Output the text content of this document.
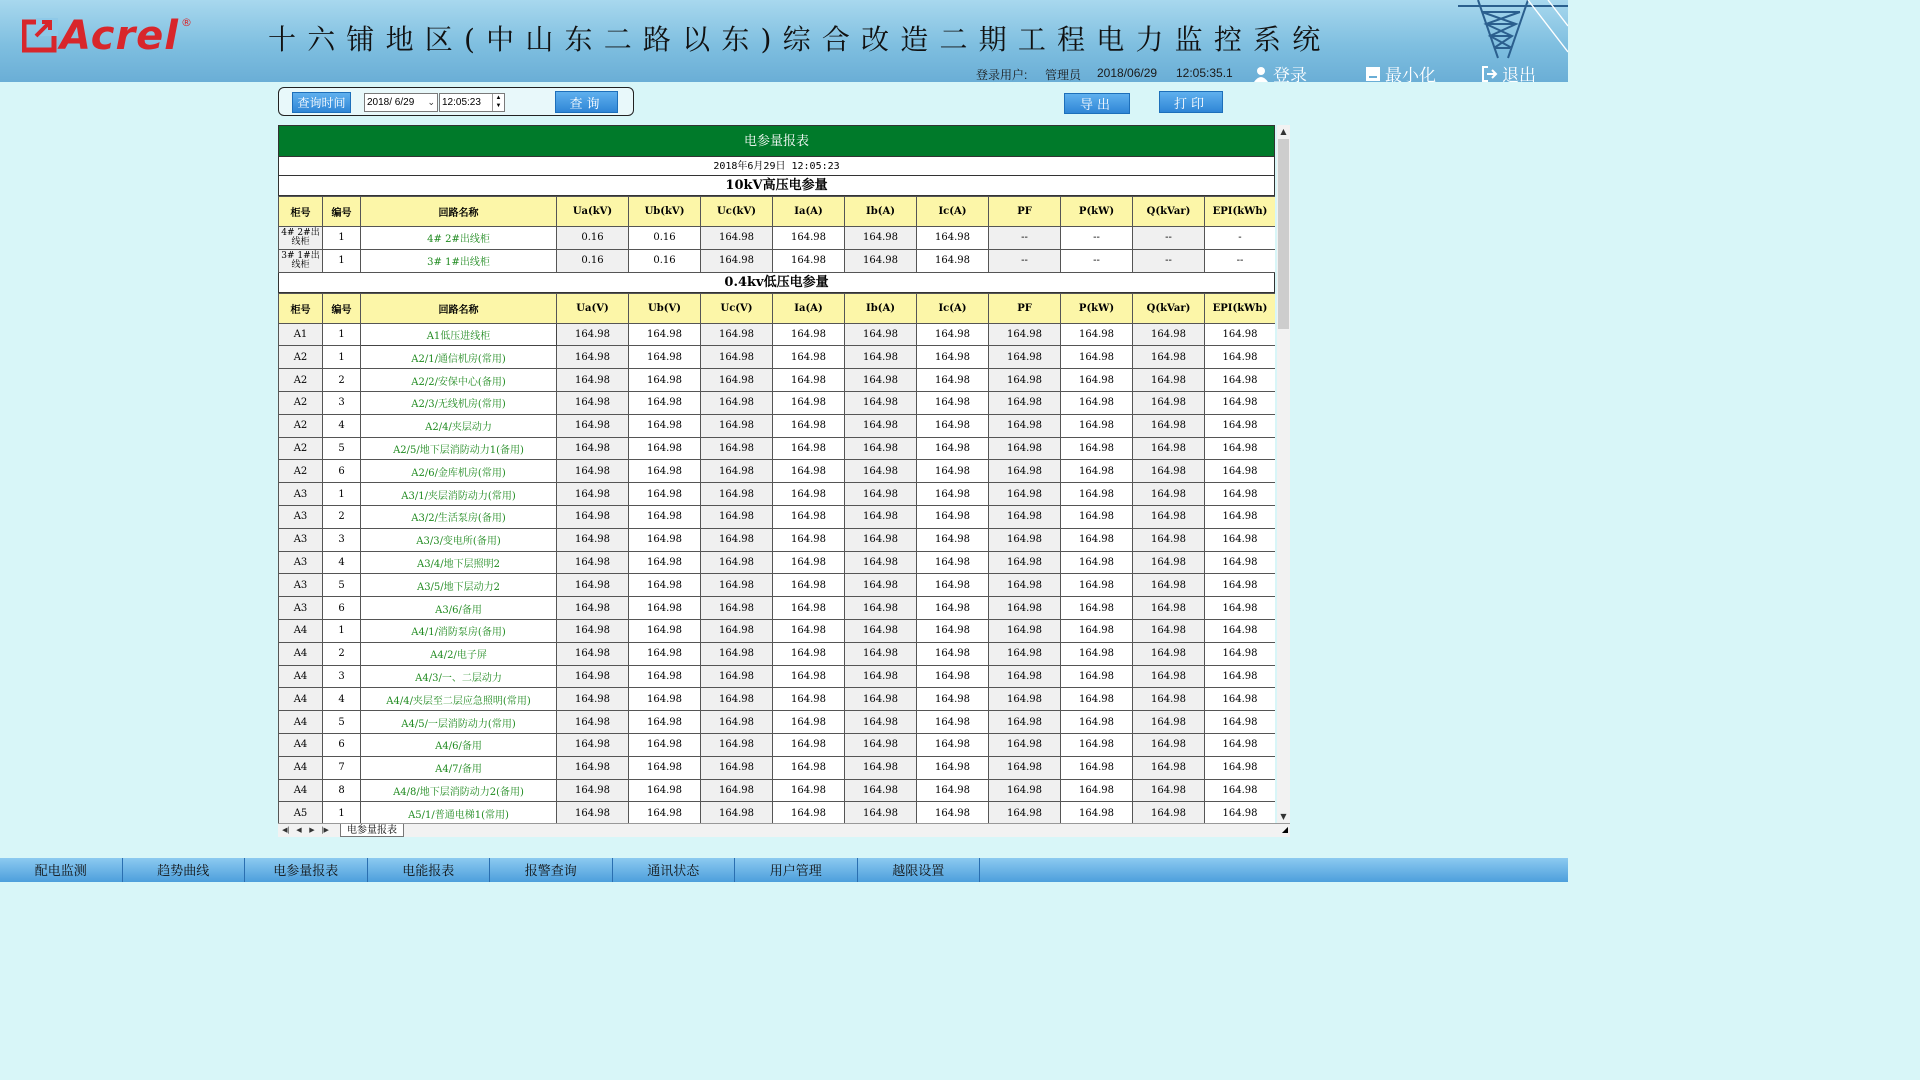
Acrel ®
十六铺地区(中山东二路以东)综合改造二期工程电力监控系统
登录用户: 管理员 2018/06/29 12:05:35.1 登录	最小化	退出
查询时间	2018/ 6/29 ⌄ 12:05:23	▲
▼	查询	导出	打印
电参量报表
2018年6月29日 12:05:23
10kV高压电参量
柜号	编号	回路名称	Ua(kV)	Ub(kV)	Uc(kV)	Ia(A)	Ib(A)	Ic(A)	PF	P(kW)	Q(kVar)	EPI(kWh)
4# 2#出线柜	1	4# 2#出线柜	0.16	0.16	164.98	164.98	164.98	164.98	--	--	--	-
3# 1#出线柜	1	3# 1#出线柜	0.16	0.16	164.98	164.98	164.98	164.98	--	--	--	--
0.4kv低压电参量
柜号	编号	回路名称	Ua(V)	Ub(V)	Uc(V)	Ia(A)	Ib(A)	Ic(A)	PF	P(kW)	Q(kVar)	EPI(kWh)
A1	1	A1低压进线柜	164.98	164.98	164.98	164.98	164.98	164.98	164.98	164.98	164.98	164.98
A2	1	A2/1/通信机房(常用)	164.98	164.98	164.98	164.98	164.98	164.98	164.98	164.98	164.98	164.98
A2	2	A2/2/安保中心(备用)	164.98	164.98	164.98	164.98	164.98	164.98	164.98	164.98	164.98	164.98
A2	3	A2/3/无线机房(常用)	164.98	164.98	164.98	164.98	164.98	164.98	164.98	164.98	164.98	164.98
A2	4	A2/4/夹层动力	164.98	164.98	164.98	164.98	164.98	164.98	164.98	164.98	164.98	164.98
A2	5	A2/5/地下层消防动力1(备用)	164.98	164.98	164.98	164.98	164.98	164.98	164.98	164.98	164.98	164.98
A2	6	A2/6/金库机房(常用)	164.98	164.98	164.98	164.98	164.98	164.98	164.98	164.98	164.98	164.98
A3	1	A3/1/夹层消防动力(常用)	164.98	164.98	164.98	164.98	164.98	164.98	164.98	164.98	164.98	164.98
A3	2	A3/2/生活泵房(备用)	164.98	164.98	164.98	164.98	164.98	164.98	164.98	164.98	164.98	164.98
A3	3	A3/3/变电所(备用)	164.98	164.98	164.98	164.98	164.98	164.98	164.98	164.98	164.98	164.98
A3	4	A3/4/地下层照明2	164.98	164.98	164.98	164.98	164.98	164.98	164.98	164.98	164.98	164.98
A3	5	A3/5/地下层动力2	164.98	164.98	164.98	164.98	164.98	164.98	164.98	164.98	164.98	164.98
A3	6	A3/6/备用	164.98	164.98	164.98	164.98	164.98	164.98	164.98	164.98	164.98	164.98
A4	1	A4/1/消防泵房(备用)	164.98	164.98	164.98	164.98	164.98	164.98	164.98	164.98	164.98	164.98
A4	2	A4/2/电子屏	164.98	164.98	164.98	164.98	164.98	164.98	164.98	164.98	164.98	164.98
A4	3	A4/3/一、二层动力	164.98	164.98	164.98	164.98	164.98	164.98	164.98	164.98	164.98	164.98
A4	4	A4/4/夹层至二层应急照明(常用)	164.98	164.98	164.98	164.98	164.98	164.98	164.98	164.98	164.98	164.98
A4	5	A4/5/一层消防动力(常用)	164.98	164.98	164.98	164.98	164.98	164.98	164.98	164.98	164.98	164.98
A4	6	A4/6/备用	164.98	164.98	164.98	164.98	164.98	164.98	164.98	164.98	164.98	164.98
A4	7	A4/7/备用	164.98	164.98	164.98	164.98	164.98	164.98	164.98	164.98	164.98	164.98
A4	8	A4/8/地下层消防动力2(备用)	164.98	164.98	164.98	164.98	164.98	164.98	164.98	164.98	164.98	164.98
A5	1	A5/1/普通电梯1(常用)	164.98	164.98	164.98	164.98	164.98	164.98	164.98	164.98	164.98	164.98
▲
▼
◀| ◀	▶ |▶	电参量报表	◢
配电监测	趋势曲线	电参量报表	电能报表	报警查询	通讯状态	用户管理	越限设置
